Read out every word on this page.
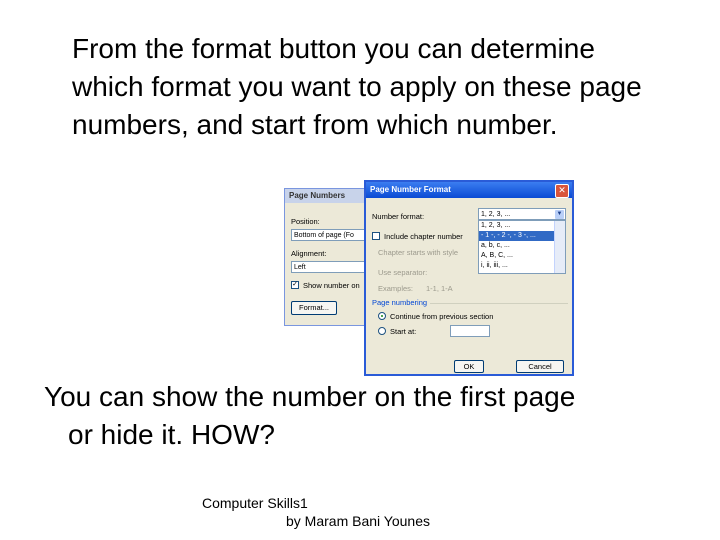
From the format button you can determine which format you want to apply on these page numbers, and start from which number.
Page Numbers
Position:
Bottom of page (Fo
Alignment:
Left
✓ Show number on
Format...
Page Number Format	✕
Number format:	1, 2, 3, ...	▼
1, 2, 3, ...
- 1 -, - 2 -, - 3 -, ...
a, b, c, ...
A, B, C, ...
i, ii, iii, ...
Include chapter number
Chapter starts with style
Use separator:
Examples: 1-1, 1-A
Page numbering
Continue from previous section
Start at:
OK	Cancel
You can show the number on the first page
or hide it. HOW?
Computer Skills1
by Maram Bani Younes
